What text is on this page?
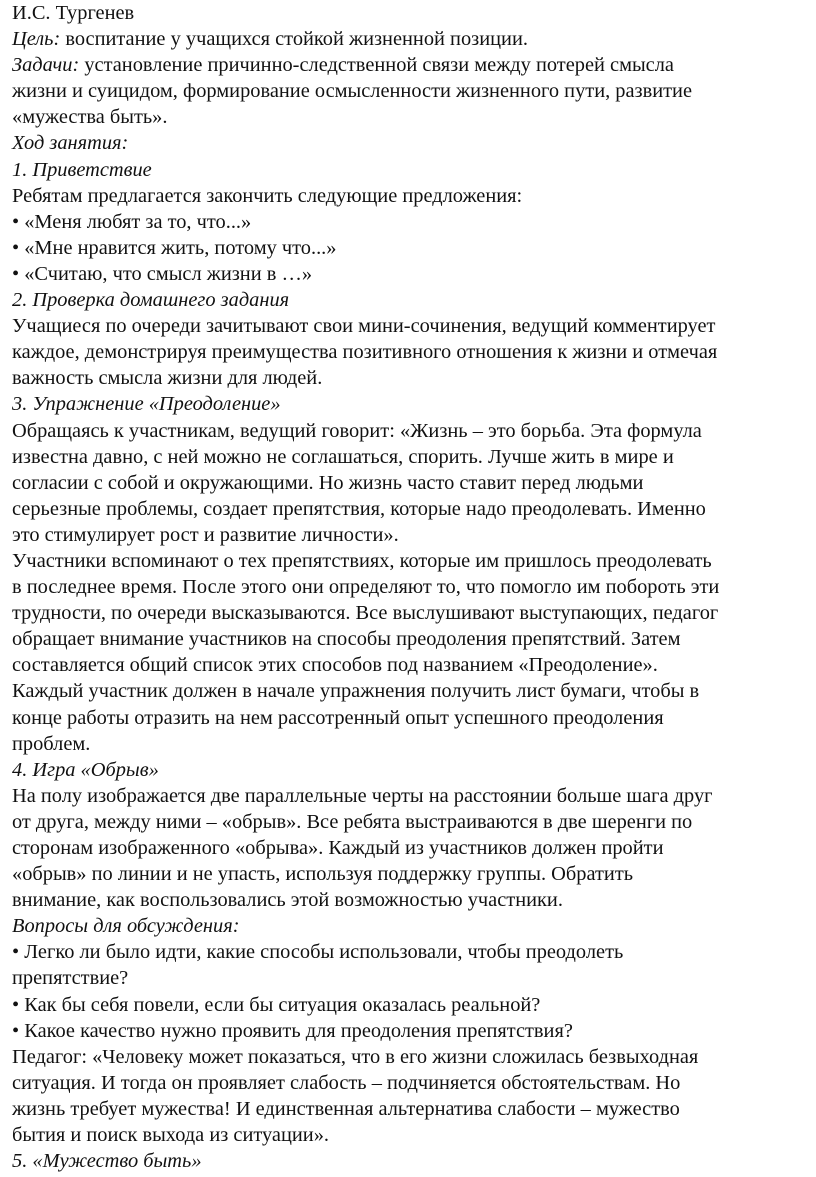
И.С. Тургенев
Цель: воспитание у учащихся стойкой жизненной позиции.
Задачи: установление причинно-следственной связи между потерей смысла
жизни и суицидом, формирование осмысленности жизненного пути, развитие
«мужества быть».
Ход занятия:
1. Приветствие
Ребятам предлагается закончить следующие предложения:
• «Меня любят за то, что...»
• «Мне нравится жить, потому что...»
• «Считаю, что смысл жизни в …»
2. Проверка домашнего задания
Учащиеся по очереди зачитывают свои мини-сочинения, ведущий комментирует
каждое, демонстрируя преимущества позитивного отношения к жизни и отмечая
важность смысла жизни для людей.
3. Упражнение «Преодоление»
Обращаясь к участникам, ведущий говорит: «Жизнь – это борьба. Эта формула
известна давно, с ней можно не соглашаться, спорить. Лучше жить в мире и
согласии с собой и окружающими. Но жизнь часто ставит перед людьми
серьезные проблемы, создает препятствия, которые надо преодолевать. Именно
это стимулирует рост и развитие личности».
Участники вспоминают о тех препятствиях, которые им пришлось преодолевать
в последнее время. После этого они определяют то, что помогло им побороть эти
трудности, по очереди высказываются. Все выслушивают выступающих, педагог
обращает внимание участников на способы преодоления препятствий. Затем
составляется общий список этих способов под названием «Преодоление».
Каждый участник должен в начале упражнения получить лист бумаги, чтобы в
конце работы отразить на нем рассотренный опыт успешного преодоления
проблем.
4. Игра «Обрыв»
На полу изображается две параллельные черты на расстоянии больше шага друг
от друга, между ними – «обрыв». Все ребята выстраиваются в две шеренги по
сторонам изображенного «обрыва». Каждый из участников должен пройти
«обрыв» по линии и не упасть, используя поддержку группы. Обратить
внимание, как воспользовались этой возможностью участники.
Вопросы для обсуждения:
• Легко ли было идти, какие способы использовали, чтобы преодолеть
препятствие?
• Как бы себя повели, если бы ситуация оказалась реальной?
• Какое качество нужно проявить для преодоления препятствия?
Педагог: «Человеку может показаться, что в его жизни сложилась безвыходная
ситуация. И тогда он проявляет слабость – подчиняется обстоятельствам. Но
жизнь требует мужества! И единственная альтернатива слабости – мужество
бытия и поиск выхода из ситуации».
5. «Мужество быть»
